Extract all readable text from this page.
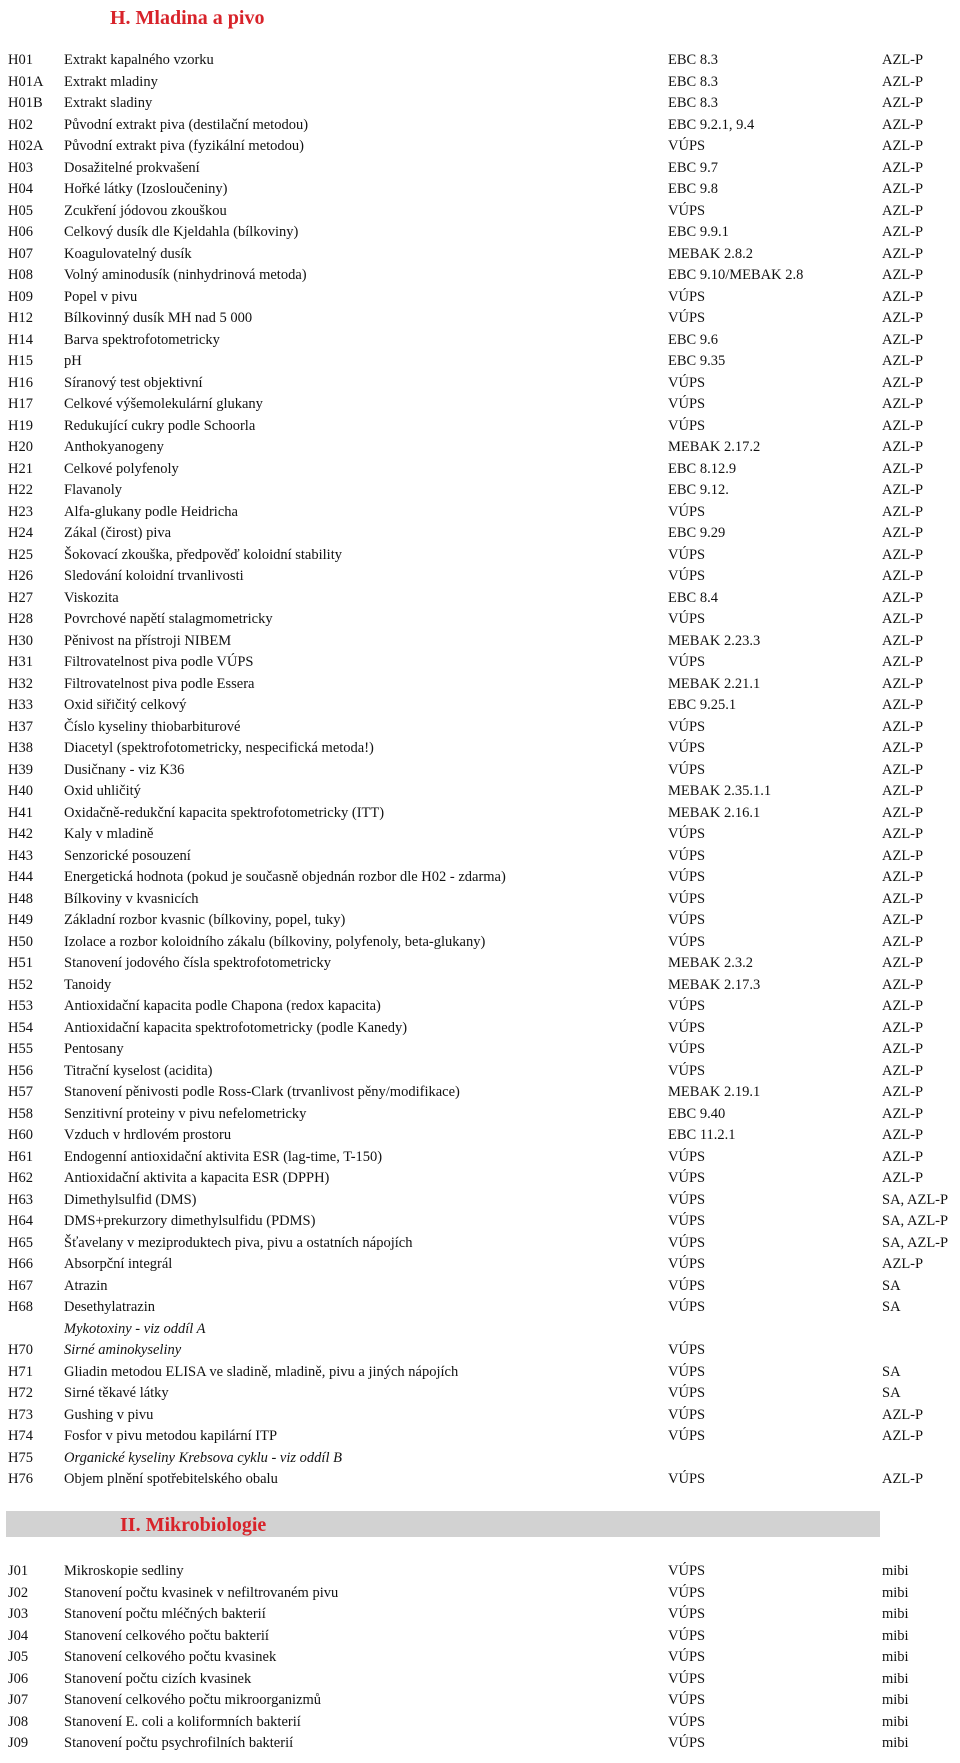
H. Mladina a pivo
H01 Extrakt kapalného vzorku	EBC 8.3	AZL-P
H01A Extrakt mladiny	EBC 8.3	AZL-P
H01B Extrakt sladiny	EBC 8.3	AZL-P
H02 Původní extrakt piva (destilační metodou)	EBC 9.2.1, 9.4	AZL-P
H02A Původní extrakt piva (fyzikální metodou)	VÚPS	AZL-P
H03 Dosažitelné prokvašení	EBC 9.7	AZL-P
H04 Hořké látky (Izosloučeniny)	EBC 9.8	AZL-P
H05 Zcukření jódovou zkouškou	VÚPS	AZL-P
H06 Celkový dusík dle Kjeldahla (bílkoviny)	EBC 9.9.1	AZL-P
H07 Koagulovatelný dusík	MEBAK 2.8.2	AZL-P
H08 Volný aminodusík (ninhydrinová metoda)	EBC 9.10/MEBAK 2.8	AZL-P
H09 Popel v pivu	VÚPS	AZL-P
H12 Bílkovinný dusík MH nad 5 000	VÚPS	AZL-P
H14 Barva spektrofotometricky	EBC 9.6	AZL-P
H15 pH	EBC 9.35	AZL-P
H16 Síranový test objektivní	VÚPS	AZL-P
H17 Celkové výšemolekulární glukany	VÚPS	AZL-P
H19 Redukující cukry podle Schoorla	VÚPS	AZL-P
H20 Anthokyanogeny	MEBAK 2.17.2	AZL-P
H21 Celkové polyfenoly	EBC 8.12.9	AZL-P
H22 Flavanoly	EBC 9.12.	AZL-P
H23 Alfa-glukany podle Heidricha	VÚPS	AZL-P
H24 Zákal (čirost) piva	EBC 9.29	AZL-P
H25 Šokovací zkouška, předpověď koloidní stability	VÚPS	AZL-P
H26 Sledování koloidní trvanlivosti	VÚPS	AZL-P
H27 Viskozita	EBC 8.4	AZL-P
H28 Povrchové napětí stalagmometricky	VÚPS	AZL-P
H30 Pěnivost na přístroji NIBEM	MEBAK 2.23.3	AZL-P
H31 Filtrovatelnost piva podle VÚPS	VÚPS	AZL-P
H32 Filtrovatelnost piva podle Essera	MEBAK 2.21.1	AZL-P
H33 Oxid siřičitý celkový	EBC 9.25.1	AZL-P
H37 Číslo kyseliny thiobarbiturové	VÚPS	AZL-P
H38 Diacetyl (spektrofotometricky, nespecifická metoda!)	VÚPS	AZL-P
H39 Dusičnany - viz K36	VÚPS	AZL-P
H40 Oxid uhličitý	MEBAK 2.35.1.1	AZL-P
H41 Oxidačně-redukční kapacita spektrofotometricky (ITT)	MEBAK 2.16.1	AZL-P
H42 Kaly v mladině	VÚPS	AZL-P
H43 Senzorické posouzení	VÚPS	AZL-P
H44 Energetická hodnota (pokud je současně objednán rozbor dle H02 - zdarma)	VÚPS	AZL-P
H48 Bílkoviny v kvasnicích	VÚPS	AZL-P
H49 Základní rozbor kvasnic (bílkoviny, popel, tuky)	VÚPS	AZL-P
H50 Izolace a rozbor koloidního zákalu (bílkoviny, polyfenoly, beta-glukany)	VÚPS	AZL-P
H51 Stanovení jodového čísla spektrofotometricky	MEBAK 2.3.2	AZL-P
H52 Tanoidy	MEBAK 2.17.3	AZL-P
H53 Antioxidační kapacita podle Chapona (redox kapacita)	VÚPS	AZL-P
H54 Antioxidační kapacita spektrofotometricky (podle Kanedy)	VÚPS	AZL-P
H55 Pentosany	VÚPS	AZL-P
H56 Titrační kyselost (acidita)	VÚPS	AZL-P
H57 Stanovení pěnivosti podle Ross-Clark (trvanlivost pěny/modifikace)	MEBAK 2.19.1	AZL-P
H58 Senzitivní proteiny v pivu nefelometricky	EBC 9.40	AZL-P
H60 Vzduch v hrdlovém prostoru	EBC 11.2.1	AZL-P
H61 Endogenní antioxidační aktivita ESR (lag-time, T-150)	VÚPS	AZL-P
H62 Antioxidační aktivita a kapacita ESR (DPPH)	VÚPS	AZL-P
H63 Dimethylsulfid (DMS)	VÚPS	SA, AZL-P
H64 DMS+prekurzory dimethylsulfidu (PDMS)	VÚPS	SA, AZL-P
H65 Šťavelany v meziproduktech piva, pivu a ostatních nápojích	VÚPS	SA, AZL-P
H66 Absorpční integrál	VÚPS	AZL-P
H67 Atrazin	VÚPS	SA
H68 Desethylatrazin	VÚPS	SA
Mykotoxiny - viz oddíl A
H70 Sirné aminokyseliny	VÚPS
H71 Gliadin metodou ELISA ve sladině, mladině, pivu a jiných nápojích	VÚPS	SA
H72 Sirné těkavé látky	VÚPS	SA
H73 Gushing v pivu	VÚPS	AZL-P
H74 Fosfor v pivu metodou kapilární ITP	VÚPS	AZL-P
H75 Organické kyseliny Krebsova cyklu - viz oddíl B
H76 Objem plnění spotřebitelského obalu	VÚPS	AZL-P
II. Mikrobiologie
J01 Mikroskopie sedliny	VÚPS	mibi
J02 Stanovení počtu kvasinek v nefiltrovaném pivu	VÚPS	mibi
J03 Stanovení počtu mléčných bakterií	VÚPS	mibi
J04 Stanovení celkového počtu bakterií	VÚPS	mibi
J05 Stanovení celkového počtu kvasinek	VÚPS	mibi
J06 Stanovení počtu cizích kvasinek	VÚPS	mibi
J07 Stanovení celkového počtu mikroorganizmů	VÚPS	mibi
J08 Stanovení E. coli a koliformních bakterií	VÚPS	mibi
J09 Stanovení počtu psychrofilních bakterií	VÚPS	mibi
